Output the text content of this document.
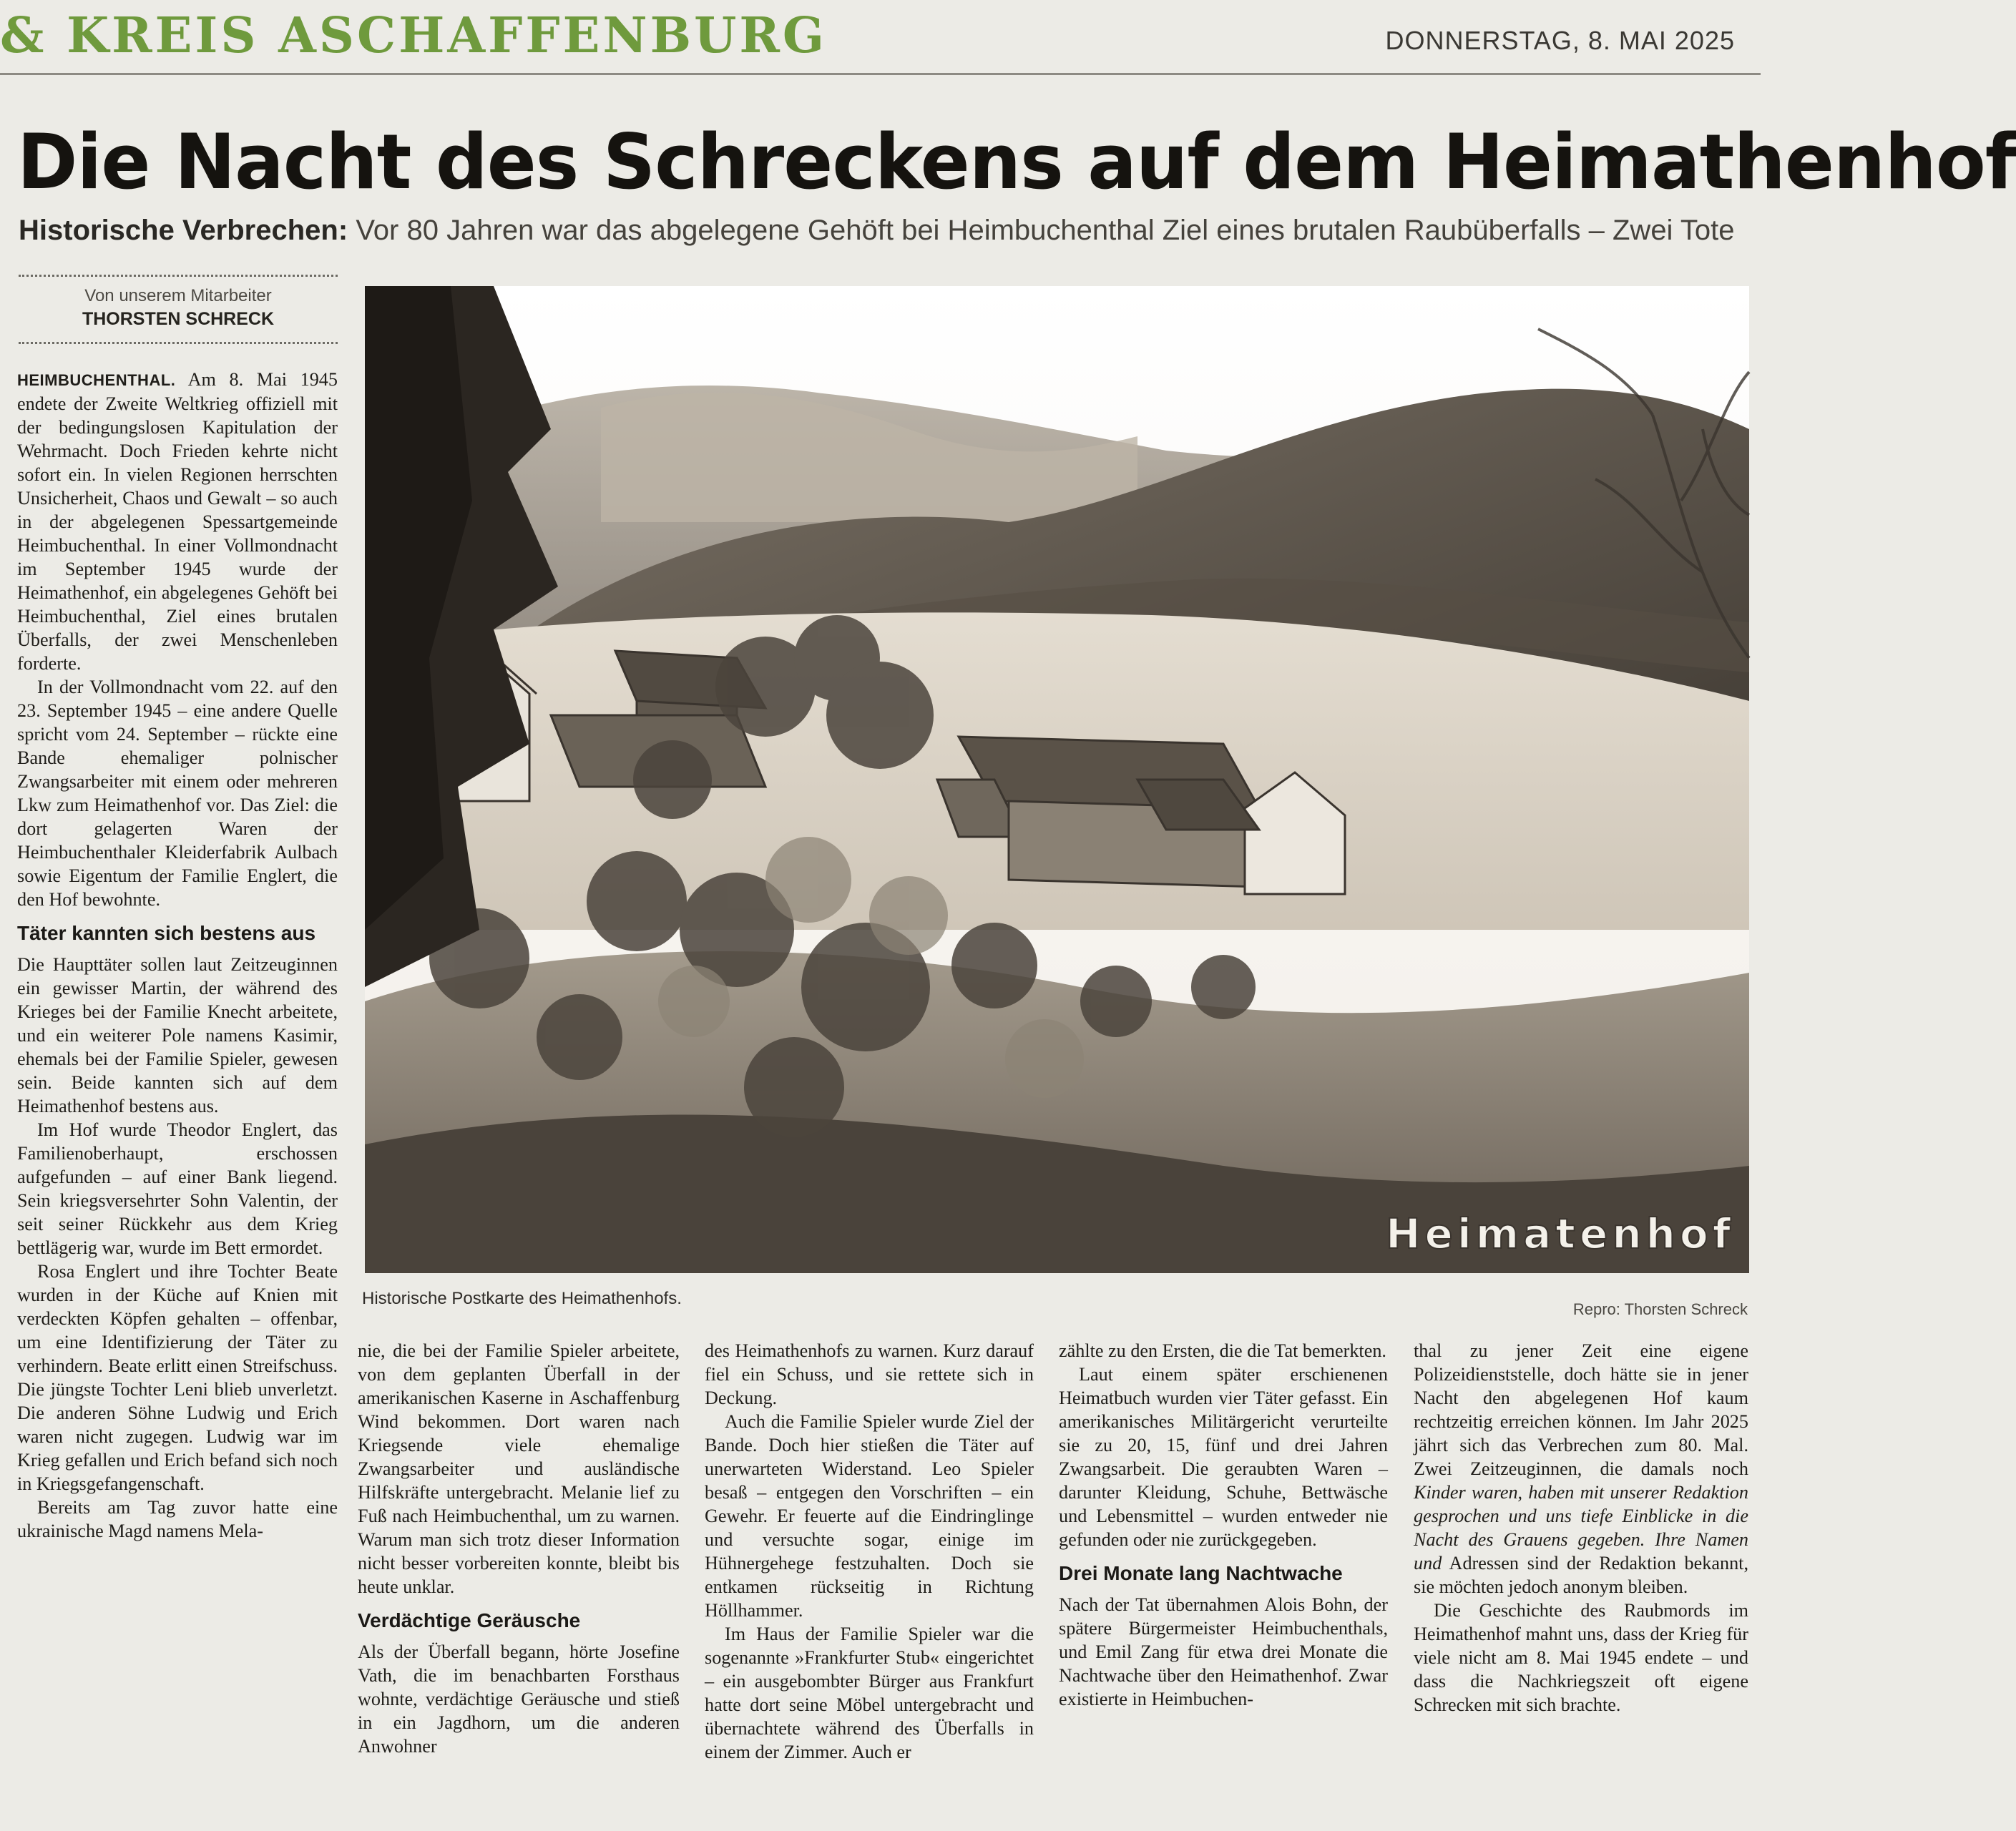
& KREIS ASCHAFFENBURG	DONNERSTAG, 8. MAI 2025
Die Nacht des Schreckens auf dem Heimathenhof
Historische Verbrechen: Vor 80 Jahren war das abgelegene Gehöft bei Heimbuchenthal Ziel eines brutalen Raubüberfalls – Zwei Tote
Von unserem Mitarbeiter
THORSTEN SCHRECK

HEIMBUCHENTHAL. Am 8. Mai 1945 endete der Zweite Weltkrieg offiziell mit der bedingungslosen Kapitulation der Wehrmacht. Doch Frieden kehrte nicht sofort ein. In vielen Regionen herrschten Unsicherheit, Chaos und Gewalt – so auch in der abgelegenen Spessartgemeinde Heimbuchenthal. In einer Vollmondnacht im September 1945 wurde der Heimathenhof, ein abgelegenes Gehöft bei Heimbuchenthal, Ziel eines brutalen Überfalls, der zwei Menschenleben forderte.

In der Vollmondnacht vom 22. auf den 23. September 1945 – eine andere Quelle spricht vom 24. September – rückte eine Bande ehemaliger polnischer Zwangsarbeiter mit einem oder mehreren Lkw zum Heimathenhof vor. Das Ziel: die dort gelagerten Waren der Heimbuchenthaler Kleiderfabrik Aulbach sowie Eigentum der Familie Englert, die den Hof bewohnte.

Täter kannten sich bestens aus

Die Haupttäter sollen laut Zeitzeuginnen ein gewisser Martin, der während des Krieges bei der Familie Knecht arbeitete, und ein weiterer Pole namens Kasimir, ehemals bei der Familie Spieler, gewesen sein. Beide kannten sich auf dem Heimathenhof bestens aus.

Im Hof wurde Theodor Englert, das Familienoberhaupt, erschossen aufgefunden – auf einer Bank liegend. Sein kriegsversehrter Sohn Valentin, der seit seiner Rückkehr aus dem Krieg bettlägerig war, wurde im Bett ermordet.

Rosa Englert und ihre Tochter Beate wurden in der Küche auf Knien mit verdeckten Köpfen gehalten – offenbar, um eine Identifizierung der Täter zu verhindern. Beate erlitt einen Streifschuss. Die jüngste Tochter Leni blieb unverletzt. Die anderen Söhne Ludwig und Erich waren nicht zugegen. Ludwig war im Krieg gefallen und Erich befand sich noch in Kriegsgefangenschaft.

Bereits am Tag zuvor hatte eine ukrainische Magd namens Mela-

Heimatenhof
Historische Postkarte des Heimathenhofs.
Repro: Thorsten Schreck

nie, die bei der Familie Spieler arbeitete, von dem geplanten Überfall in der amerikanischen Kaserne in Aschaffenburg Wind bekommen. Dort waren nach Kriegsende viele ehemalige Zwangsarbeiter und ausländische Hilfskräfte untergebracht. Melanie lief zu Fuß nach Heimbuchenthal, um zu warnen. Warum man sich trotz dieser Information nicht besser vorbereiten konnte, bleibt bis heute unklar.

Verdächtige Geräusche

Als der Überfall begann, hörte Josefine Vath, die im benachbarten Forsthaus wohnte, verdächtige Geräusche und stieß in ein Jagdhorn, um die anderen Anwohner

des Heimathenhofs zu warnen. Kurz darauf fiel ein Schuss, und sie rettete sich in Deckung.

Auch die Familie Spieler wurde Ziel der Bande. Doch hier stießen die Täter auf unerwarteten Widerstand. Leo Spieler besaß – entgegen den Vorschriften – ein Gewehr. Er feuerte auf die Eindringlinge und versuchte sogar, einige im Hühnergehege festzuhalten. Doch sie entkamen rückseitig in Richtung Höllhammer.

Im Haus der Familie Spieler war die sogenannte »Frankfurter Stub« eingerichtet – ein ausgebombter Bürger aus Frankfurt hatte dort seine Möbel untergebracht und übernachtete während des Überfalls in einem der Zimmer. Auch er

zählte zu den Ersten, die die Tat bemerkten.

Laut einem später erschienenen Heimatbuch wurden vier Täter gefasst. Ein amerikanisches Militärgericht verurteilte sie zu 20, 15, fünf und drei Jahren Zwangsarbeit. Die geraubten Waren – darunter Kleidung, Schuhe, Bettwäsche und Lebensmittel – wurden entweder nie gefunden oder nie zurückgegeben.

Drei Monate lang Nachtwache

Nach der Tat übernahmen Alois Bohn, der spätere Bürgermeister Heimbuchenthals, und Emil Zang für etwa drei Monate die Nachtwache über den Heimathenhof. Zwar existierte in Heimbuchen-

thal zu jener Zeit eine eigene Polizeidienststelle, doch hätte sie in jener Nacht den abgelegenen Hof kaum rechtzeitig erreichen können. Im Jahr 2025 jährt sich das Verbrechen zum 80. Mal. Zwei Zeitzeuginnen, die damals noch Kinder waren, haben mit unserer Redaktion gesprochen und uns tiefe Einblicke in die Nacht des Grauens gegeben. Ihre Namen und Adressen sind der Redaktion bekannt, sie möchten jedoch anonym bleiben.

Die Geschichte des Raubmords im Heimathenhof mahnt uns, dass der Krieg für viele nicht am 8. Mai 1945 endete – und dass die Nachkriegszeit oft eigene Schrecken mit sich brachte.
